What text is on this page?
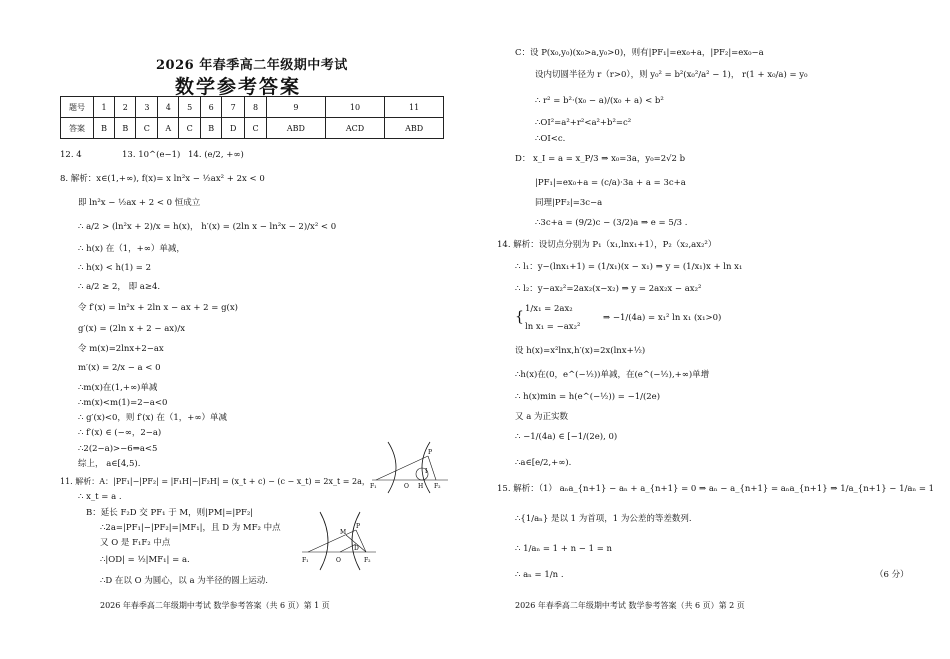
2026 年春季高二年级期中考试
数学参考答案
题号	1	2	3	4	5	6	7	8	9	10	11
答案	B	B	C	A	C	B	D	C	ABD	ACD	ABD
12. 4	13. 10^(e−1) 14. (e/2, +∞)
8. 解析：x∈(1,+∞), f(x)= x ln²x − ½ax² + 2x < 0
即 ln²x − ½ax + 2 < 0 恒成立
∴ a/2 > (ln²x + 2)/x = h(x)， h′(x) = (2ln x − ln²x − 2)/x² < 0
∴ h(x) 在（1，+∞）单减，
∴ h(x) < h(1) = 2
∴ a/2 ≥ 2， 即 a≥4.
令 f′(x) = ln²x + 2ln x − ax + 2 = g(x)
g′(x) = (2ln x + 2 − ax)/x
令 m(x)=2lnx+2−ax
m′(x) = 2/x − a < 0
∴m(x)在(1,+∞)单减
∴m(x)<m(1)=2−a<0
∴ g′(x)<0，则 f′(x) 在（1，+∞）单减
∴ f′(x) ∈ (−∞，2−a)
∴2(2−a)>−6⇒a<5
综上， a∈[4,5).
11. 解析：A：|PF₁|−|PF₂| = |F₁H|−|F₂H| = (x_t + c) − (c − x_t) = 2x_t = 2a，
∴ x_t = a .
B：延长 F₂D 交 PF₁ 于 M，则|PM|=|PF₂|
∴2a=|PF₁|−|PF₂|=|MF₁|，且 D 为 MF₂ 中点
又 O 是 F₁F₂ 中点
∴|OD| = ½|MF₁| = a.
∴D 在以 O 为圆心，以 a 为半径的圆上运动.
F₁	O H F₂
P
I
F₁	O
D
F₂
M
P
2026 年春季高二年级期中考试 数学参考答案（共 6 页）第 1 页
C：设 P(x₀,y₀)(x₀>a,y₀>0)，则有|PF₁|=ex₀+a，|PF₂|=ex₀−a
设内切圆半径为 r（r>0），则 y₀² = b²(x₀²/a² − 1)， r(1 + x₀/a) = y₀
∴ r² = b²·(x₀ − a)/(x₀ + a) < b²
∴OI²=a²+r²<a²+b²=c²
∴OI<c.
D： x_I = a = x_P/3 ⇒ x₀=3a，y₀=2√2 b
|PF₁|=ex₀+a = (c/a)·3a + a = 3c+a
同理|PF₂|=3c−a
∴3c+a = (9/2)c − (3/2)a ⇒ e = 5/3 .
14. 解析：设切点分别为 P₁（x₁,lnx₁+1），P₂（x₂,ax₂²）
∴ l₁：y−(lnx₁+1) = (1/x₁)(x − x₁) ⇒ y = (1/x₁)x + ln x₁
∴ l₂：y−ax₂²=2ax₂(x−x₂) ⇒ y = 2ax₂x − ax₂²
{ 1/x₁ = 2ax₂
ln x₁ = −ax₂²
⇒ −1/(4a) = x₁² ln x₁ (x₁>0)
设 h(x)=x²lnx,h′(x)=2x(lnx+½)
∴h(x)在(0，e^(−½))单减，在(e^(−½),+∞)单增
∴ h(x)min = h(e^(−½)) = −1/(2e)
又 a 为正实数
∴ −1/(4a) ∈ [−1/(2e), 0)
∴a∈[e/2,+∞).
15. 解析：（1） aₙa_{n+1} − aₙ + a_{n+1} = 0 ⇒ aₙ − a_{n+1} = aₙa_{n+1} ⇒ 1/a_{n+1} − 1/aₙ = 1
∴{1/aₙ} 是以 1 为首项，1 为公差的等差数列.
∴ 1/aₙ = 1 + n − 1 = n
∴ aₙ = 1/n .	（6 分）
2026 年春季高二年级期中考试 数学参考答案（共 6 页）第 2 页
